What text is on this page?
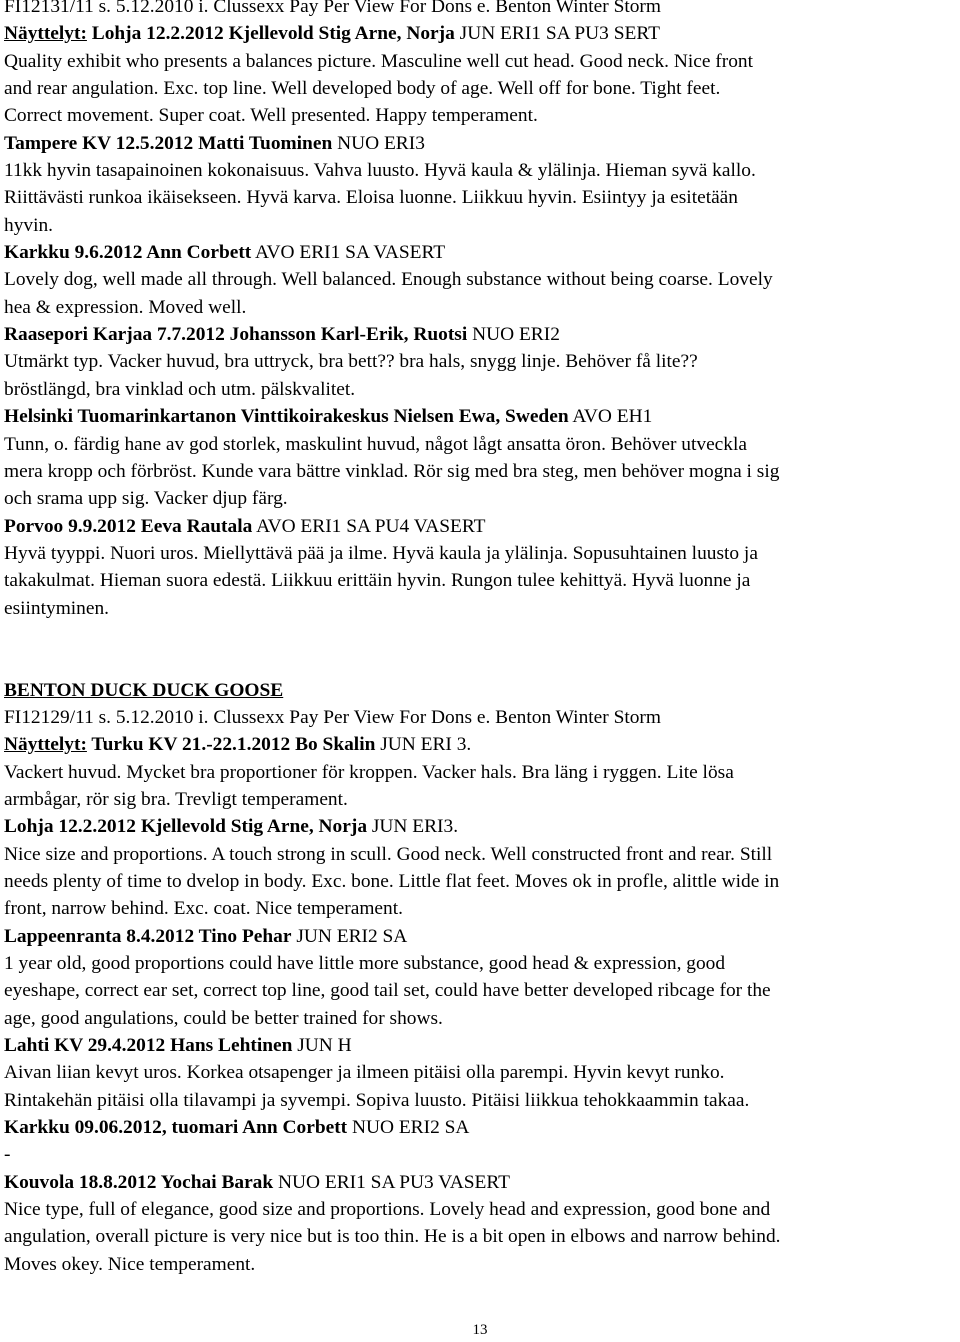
FI12131/11 s. 5.12.2010 i. Clussexx Pay Per View For Dons e. Benton Winter Storm
Näyttelyt: Lohja 12.2.2012 Kjellevold Stig Arne, Norja JUN ERI1 SA PU3 SERT
Quality exhibit who presents a balances picture. Masculine well cut head. Good neck. Nice front
and rear angulation. Exc. top line. Well developed body of age. Well off for bone. Tight feet.
Correct movement. Super coat. Well presented. Happy temperament.
Tampere KV 12.5.2012 Matti Tuominen NUO ERI3
11kk hyvin tasapainoinen kokonaisuus. Vahva luusto. Hyvä kaula & ylälinja. Hieman syvä kallo.
Riittävästi runkoa ikäisekseen. Hyvä karva. Eloisa luonne. Liikkuu hyvin. Esiintyy ja esitetään
hyvin.
Karkku 9.6.2012 Ann Corbett AVO ERI1 SA VASERT
Lovely dog, well made all through. Well balanced. Enough substance without being coarse. Lovely
hea & expression. Moved well.
Raasepori Karjaa 7.7.2012 Johansson Karl-Erik, Ruotsi NUO ERI2
Utmärkt typ. Vacker huvud, bra uttryck, bra bett?? bra hals, snygg linje. Behöver få lite??
bröstlängd, bra vinklad och utm. pälskvalitet.
Helsinki Tuomarinkartanon Vinttikoirakeskus Nielsen Ewa, Sweden AVO EH1
Tunn, o. färdig hane av god storlek, maskulint huvud, något lågt ansatta öron. Behöver utveckla
mera kropp och förbröst. Kunde vara bättre vinklad. Rör sig med bra steg, men behöver mogna i sig
och srama upp sig. Vacker djup färg.
Porvoo 9.9.2012 Eeva Rautala AVO ERI1 SA PU4 VASERT
Hyvä tyyppi. Nuori uros. Miellyttävä pää ja ilme. Hyvä kaula ja ylälinja. Sopusuhtainen luusto ja
takakulmat. Hieman suora edestä. Liikkuu erittäin hyvin. Rungon tulee kehittyä. Hyvä luonne ja
esiintyminen.
BENTON DUCK DUCK GOOSE
FI12129/11 s. 5.12.2010 i. Clussexx Pay Per View For Dons e. Benton Winter Storm
Näyttelyt: Turku KV 21.-22.1.2012 Bo Skalin JUN ERI 3.
Vackert huvud. Mycket bra proportioner för kroppen. Vacker hals. Bra läng i ryggen. Lite lösa
armbågar, rör sig bra. Trevligt temperament.
Lohja 12.2.2012 Kjellevold Stig Arne, Norja JUN ERI3.
Nice size and proportions. A touch strong in scull. Good neck. Well constructed front and rear. Still
needs plenty of time to dvelop in body. Exc. bone. Little flat feet. Moves ok in profle, alittle wide in
front, narrow behind. Exc. coat. Nice temperament.
Lappeenranta 8.4.2012 Tino Pehar JUN ERI2 SA
1 year old, good proportions could have little more substance, good head & expression, good
eyeshape, correct ear set, correct top line, good tail set, could have better developed ribcage for the
age, good angulations, could be better trained for shows.
Lahti KV 29.4.2012 Hans Lehtinen JUN H
Aivan liian kevyt uros. Korkea otsapenger ja ilmeen pitäisi olla parempi. Hyvin kevyt runko.
Rintakehän pitäisi olla tilavampi ja syvempi. Sopiva luusto. Pitäisi liikkua tehokkaammin takaa.
Karkku 09.06.2012, tuomari Ann Corbett NUO ERI2 SA
-
Kouvola 18.8.2012 Yochai Barak NUO ERI1 SA PU3 VASERT
Nice type, full of elegance, good size and proportions. Lovely head and expression, good bone and
angulation, overall picture is very nice but is too thin. He is a bit open in elbows and narrow behind.
Moves okey. Nice temperament.
13
